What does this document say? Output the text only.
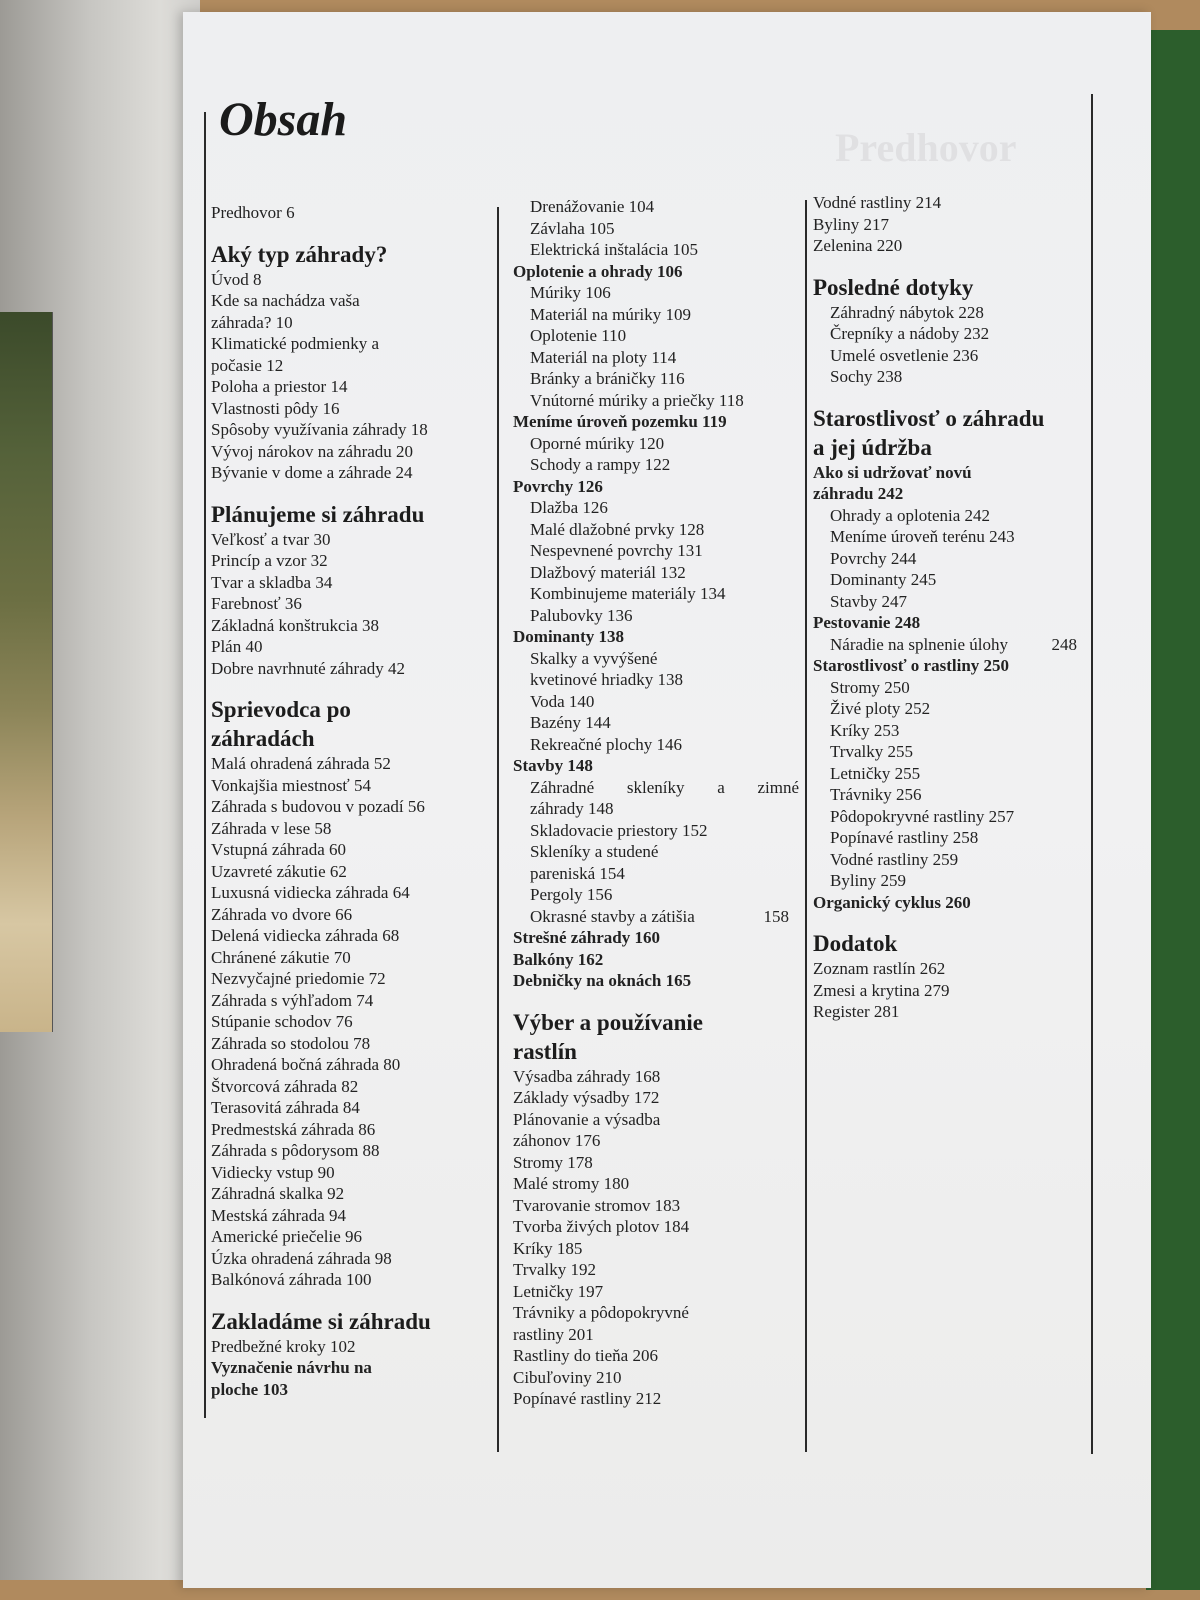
Predhovor
Obsah
Predhovor 6
Aký typ záhrady?
Úvod 8
Kde sa nachádza vaša
záhrada? 10
Klimatické podmienky a
počasie 12
Poloha a priestor 14
Vlastnosti pôdy 16
Spôsoby využívania záhrady 18
Vývoj nárokov na záhradu 20
Bývanie v dome a záhrade 24
Plánujeme si záhradu
Veľkosť a tvar 30
Princíp a vzor 32
Tvar a skladba 34
Farebnosť 36
Základná konštrukcia 38
Plán 40
Dobre navrhnuté záhrady 42
Sprievodca po
záhradách
Malá ohradená záhrada 52
Vonkajšia miestnosť 54
Záhrada s budovou v pozadí 56
Záhrada v lese 58
Vstupná záhrada 60
Uzavreté zákutie 62
Luxusná vidiecka záhrada 64
Záhrada vo dvore 66
Delená vidiecka záhrada 68
Chránené zákutie 70
Nezvyčajné priedomie 72
Záhrada s výhľadom 74
Stúpanie schodov 76
Záhrada so stodolou 78
Ohradená bočná záhrada 80
Štvorcová záhrada 82
Terasovitá záhrada 84
Predmestská záhrada 86
Záhrada s pôdorysom 88
Vidiecky vstup 90
Záhradná skalka 92
Mestská záhrada 94
Americké priečelie 96
Úzka ohradená záhrada 98
Balkónová záhrada 100
Zakladáme si záhradu
Predbežné kroky 102
Vyznačenie návrhu na
ploche 103
Drenážovanie 104
Závlaha 105
Elektrická inštalácia 105
Oplotenie a ohrady 106
Múriky 106
Materiál na múriky 109
Oplotenie 110
Materiál na ploty 114
Bránky a bráničky 116
Vnútorné múriky a priečky 118
Meníme úroveň pozemku 119
Oporné múriky 120
Schody a rampy 122
Povrchy 126
Dlažba 126
Malé dlažobné prvky 128
Nespevnené povrchy 131
Dlažbový materiál 132
Kombinujeme materiály 134
Palubovky 136
Dominanty 138
Skalky a vyvýšené
kvetinové hriadky 138
Voda 140
Bazény 144
Rekreačné plochy 146
Stavby 148
Záhradné skleníky a zimné
záhrady 148
Skladovacie priestory 152
Skleníky a studené
pareniská 154
Pergoly 156
Okrasné stavby a zátišia	158
Strešné záhrady 160
Balkóny 162
Debničky na oknách 165
Výber a používanie
rastlín
Výsadba záhrady 168
Základy výsadby 172
Plánovanie a výsadba
záhonov 176
Stromy 178
Malé stromy 180
Tvarovanie stromov 183
Tvorba živých plotov 184
Kríky 185
Trvalky 192
Letničky 197
Trávniky a pôdopokryvné
rastliny 201
Rastliny do tieňa 206
Cibuľoviny 210
Popínavé rastliny 212
Vodné rastliny 214
Byliny 217
Zelenina 220
Posledné dotyky
Záhradný nábytok 228
Črepníky a nádoby 232
Umelé osvetlenie 236
Sochy 238
Starostlivosť o záhradu
a jej údržba
Ako si udržovať novú
záhradu 242
Ohrady a oplotenia 242
Meníme úroveň terénu 243
Povrchy 244
Dominanty 245
Stavby 247
Pestovanie 248
Náradie na splnenie úlohy	248
Starostlivosť o rastliny 250
Stromy 250
Živé ploty 252
Kríky 253
Trvalky 255
Letničky 255
Trávniky 256
Pôdopokryvné rastliny 257
Popínavé rastliny 258
Vodné rastliny 259
Byliny 259
Organický cyklus 260
Dodatok
Zoznam rastlín 262
Zmesi a krytina 279
Register 281
